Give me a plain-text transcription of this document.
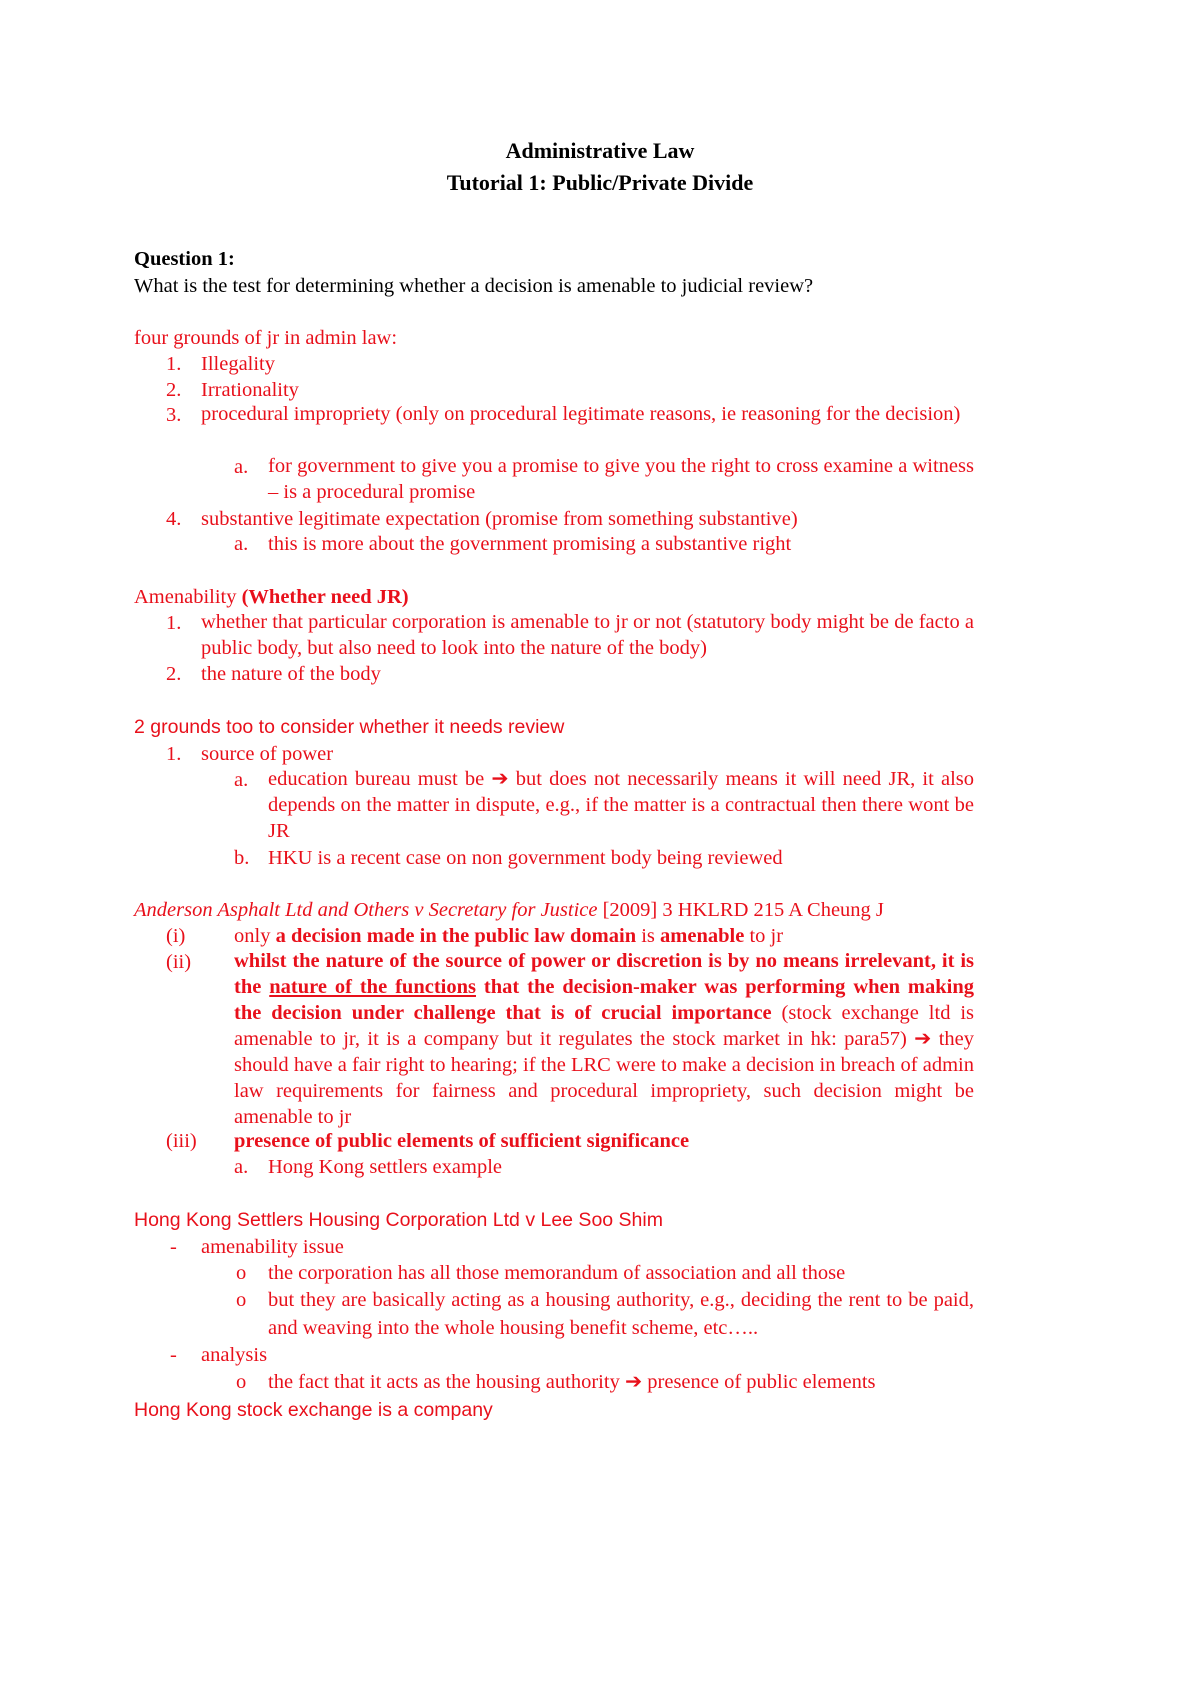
Administrative Law
Tutorial 1: Public/Private Divide
Question 1:
What is the test for determining whether a decision is amenable to judicial review?
four grounds of jr in admin law:
1. Illegality
2. Irrationality
3. procedural impropriety (only on procedural legitimate reasons, ie reasoning for the decision)
a. for government to give you a promise to give you the right to cross examine a witness – is a procedural promise
4. substantive legitimate expectation (promise from something substantive)
a. this is more about the government promising a substantive right
Amenability (Whether need JR)
1. whether that particular corporation is amenable to jr or not (statutory body might be de facto a public body, but also need to look into the nature of the body)
2. the nature of the body
2 grounds too to consider whether it needs review
1. source of power
a. education bureau must be ➔ but does not necessarily means it will need JR, it also depends on the matter in dispute, e.g., if the matter is a contractual then there wont be JR
b. HKU is a recent case on non government body being reviewed
Anderson Asphalt Ltd and Others v Secretary for Justice [2009] 3 HKLRD 215 A Cheung J
(i) only a decision made in the public law domain is amenable to jr
(ii) whilst the nature of the source of power or discretion is by no means irrelevant, it is the nature of the functions that the decision-maker was performing when making the decision under challenge that is of crucial importance (stock exchange ltd is amenable to jr, it is a company but it regulates the stock market in hk: para57) ➔ they should have a fair right to hearing; if the LRC were to make a decision in breach of admin law requirements for fairness and procedural impropriety, such decision might be amenable to jr
(iii) presence of public elements of sufficient significance
a. Hong Kong settlers example
Hong Kong Settlers Housing Corporation Ltd v Lee Soo Shim
- amenability issue
o the corporation has all those memorandum of association and all those
o but they are basically acting as a housing authority, e.g., deciding the rent to be paid, and weaving into the whole housing benefit scheme, etc…..
- analysis
o the fact that it acts as the housing authority ➔ presence of public elements
Hong Kong stock exchange is a company
